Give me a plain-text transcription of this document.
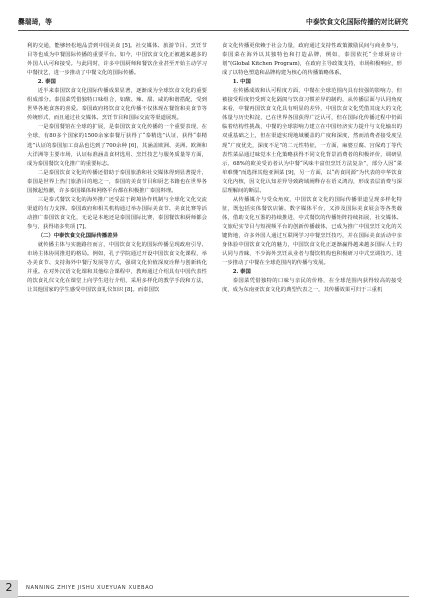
爨瑞琦，等	中泰饮食文化国际传播的对比研究

利的交通，能够轻松地品尝到中国美食 [5]。社交媒体、旅游节目、烹饪节目等也成为中餐国际传播的重要平台。如今，中国饮食文化正被越来越多的外国人认可和接受。与此同时，许多中国厨师和餐饮企业甚至开始主动学习中餐技艺，进一步推动了中餐文化的国际传播。

2. 泰国

近半来泰国饮食文化国际传播成果显著，逐渐成为全球饮食文化的重要组成部分。泰国菜凭借独特口味组合，如酸、辣、甜、咸的和谐搭配，受到世界各地食客的喜爱。泰国政府将饮食文化传播不仅体现在餐馆和美食节等传统形式，而且通过社交媒体、烹饪节目和国际交流等渠道展现。

一是泰国餐馆在全球的扩展，是泰国饮食文化传播的一个重要表现，在全球，有80多个国家的1500余家泰餐厅获得了“泰精选”认证，获得“泰精选”认证的泰国加工食品也达到了700余种 [6]，其涵盖欧洲、美洲、欧洲和大洋洲等主要市场，认证标准涵盖食材选用、烹饪技艺与服务质量等方面，成为泰国餐饮文化推广的重要标志。

二是泰国饮食文化的传播还借助于泰国旅游和社交媒体得到显著提升，泰国是世界上热门旅游目的地之一，泰国的美食节目和厨艺书籍也在世界各国掀起热潮，许多泰国媒体和网络平台都在积极推广泰国料理。

三是泰式餐饮文化的海外推广还受益于跨境协作机制与全球化文化交流渠道的有力支撑。泰国政府和相关机构通过举办国际美食节、美食比赛等活动推广泰国饮食文化，无论是本地还是泰国国际比赛，泰国餐饮和厨师都会参与，获得诸多奖项 [7]。

（二）中泰饮食文化国际传播差异

就传播主体与实施路径而言，中国饮食文化的国际传播呈现政府引导、市场主体协同推进的格局。例如，孔子学院通过开设中国饮食文化课程，举办美食节、支持海外中餐厅发展等方式，强调文化价值深度诠释与创新转化并重。在对外汉语文化课和其他综合课程中，教师通过介绍具有中国代表性的饮食礼仪文化在课堂上向学生进行介绍，采用多样化的教学手段和方法，让其他国家的学生感受中国饮食礼仪知识 [8]。而泰国饮

食文化传播更依赖于社会力量，政府通过支持性政策激励民间与商业参与，泰国菜在海外以其独特色和打造品牌，例如，泰国依托“全球厨房计划”(Global Kitchen Program)，在政府主导政策支持，市场积极响应，形成了以特色塑造和品牌构建为核心的传播策略体系。

1. 中国

在传播成效和认可程度方面，中餐在全球范围内具有较强的影响力，但被接受程度仍受到文化隔阂与饮食习惯差异的制约，从传播层面与认同角度来看，中餐再国饮食文化具有明显的差异，中国饮食文化凭借其庞大的文化体量与历史积淀，已在世界各国获得广泛认可，但在国际化传播过程中仍面临着结构性挑战，中餐的全球影响力建立在中国经济实力提升与文化输出的双重基础之上，但在渠道实现地域覆盖的广度和深度，然而消费者接受度呈现“广度优先，深度不足”的二元性特征，一方面，麻婆豆腐、宫保鸡丁等代表性菜品通过味觉本土化策略获得不同文化背景消费者的积极评价，调研显示，68%的欧美受访者认为中餐“风味丰富但烹饪方法复杂”，部分人因“菜单难懂”而选择其他亚洲菜 [9]，另一方面，以“药食同源”为代表的中华饮食文化内核，因文化认知差异导致跨域阐释存在语义鸿沟，形成表层消费与深层理解间的断层。

从传播媒介与受众角度，中国饮食文化的国际传播渠道呈现多样化特征，既包括实体餐饮店铺、数字媒体平台，又涉及国际美食展会等各类载体，借助文化互鉴的持续推进，中式餐饮的传播矩阵持续拓展，社交媒体、文旅纪实节目与短视频平台的创新传播载体，已成为推广中国烹饪文化的关键阵地，许多外国人通过互联网学习中餐烹饪技巧，并在国际美食活动中亲身体验中国饮食文化的魅力，中国饮食文化正逐渐赢得越来越多国际人士的认同与青睐，不少海外烹饪从业者与餐饮机构也积极研习中式烹调技巧，进一步推动了中餐在全球范围内的传播与发展。

2. 泰国

泰国菜凭借独特的口味与亲民的价格，在全球范围内获得较高的接受度，成为东南亚饮食文化的典型代表之一，其传播效果可归于三重机

2	NANNING ZHIYE JISHU XUEYUAN XUEBAO
